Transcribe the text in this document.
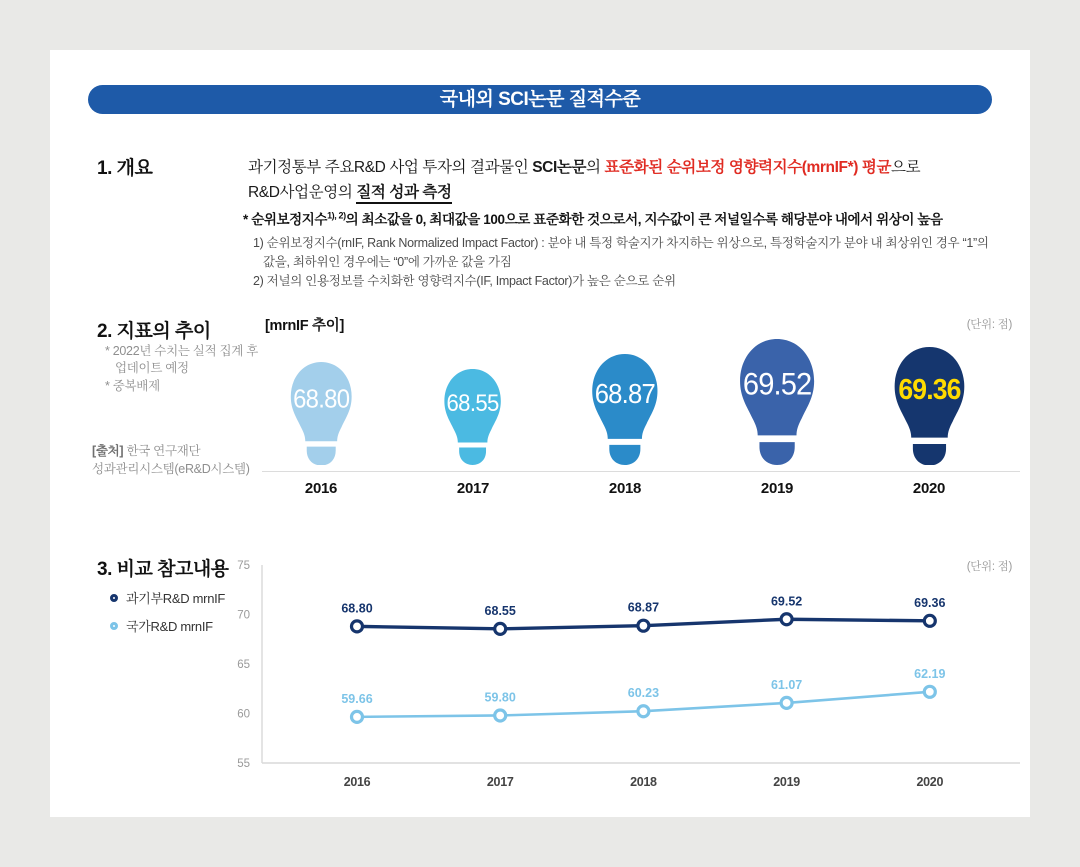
국내외 SCI논문 질적수준
1. 개요	과기정통부 주요R&D 사업 투자의 결과물인 SCI논문의 표준화된 순위보정 영향력지수(mrnIF*) 평균으로
R&D사업운영의 질적 성과 측정
* 순위보정지수$^{1), 2)}$의 최소값을 0, 최대값을 100으로 표준화한 것으로서, 지수값이 큰 저널일수록 해당분야 내에서 위상이 높음
1) 순위보정지수(rnIF, Rank Normalized Impact Factor) : 분야 내 특정 학술지가 차지하는 위상으로, 특정학술지가 분야 내 최상위인 경우 “1”의
값을, 최하위인 경우에는 “0”에 가까운 값을 가짐
2) 저널의 인용정보를 수치화한 영향력지수(IF, Impact Factor)가 높은 순으로 순위
2. 지표의 추이
* 2022년 수치는 실적 집계 후
업데이트 예정
* 중복배제
[출처] 한국 연구재단
성과관리시스템(eR&D시스템)
[mrnIF 추이]	(단위: 점)
68.80	68.55	68.87	69.52	69.36
2016	2017	2018	2019	2020
3. 비교 참고내용
과기부R&D mrnIF
국가R&D mrnIF
(단위: 점)
75
70
65
60
55
2016	2017	2018	2019	2020
68.80	68.55	68.87	69.52	69.36
59.66	59.80	60.23
61.07
62.19
